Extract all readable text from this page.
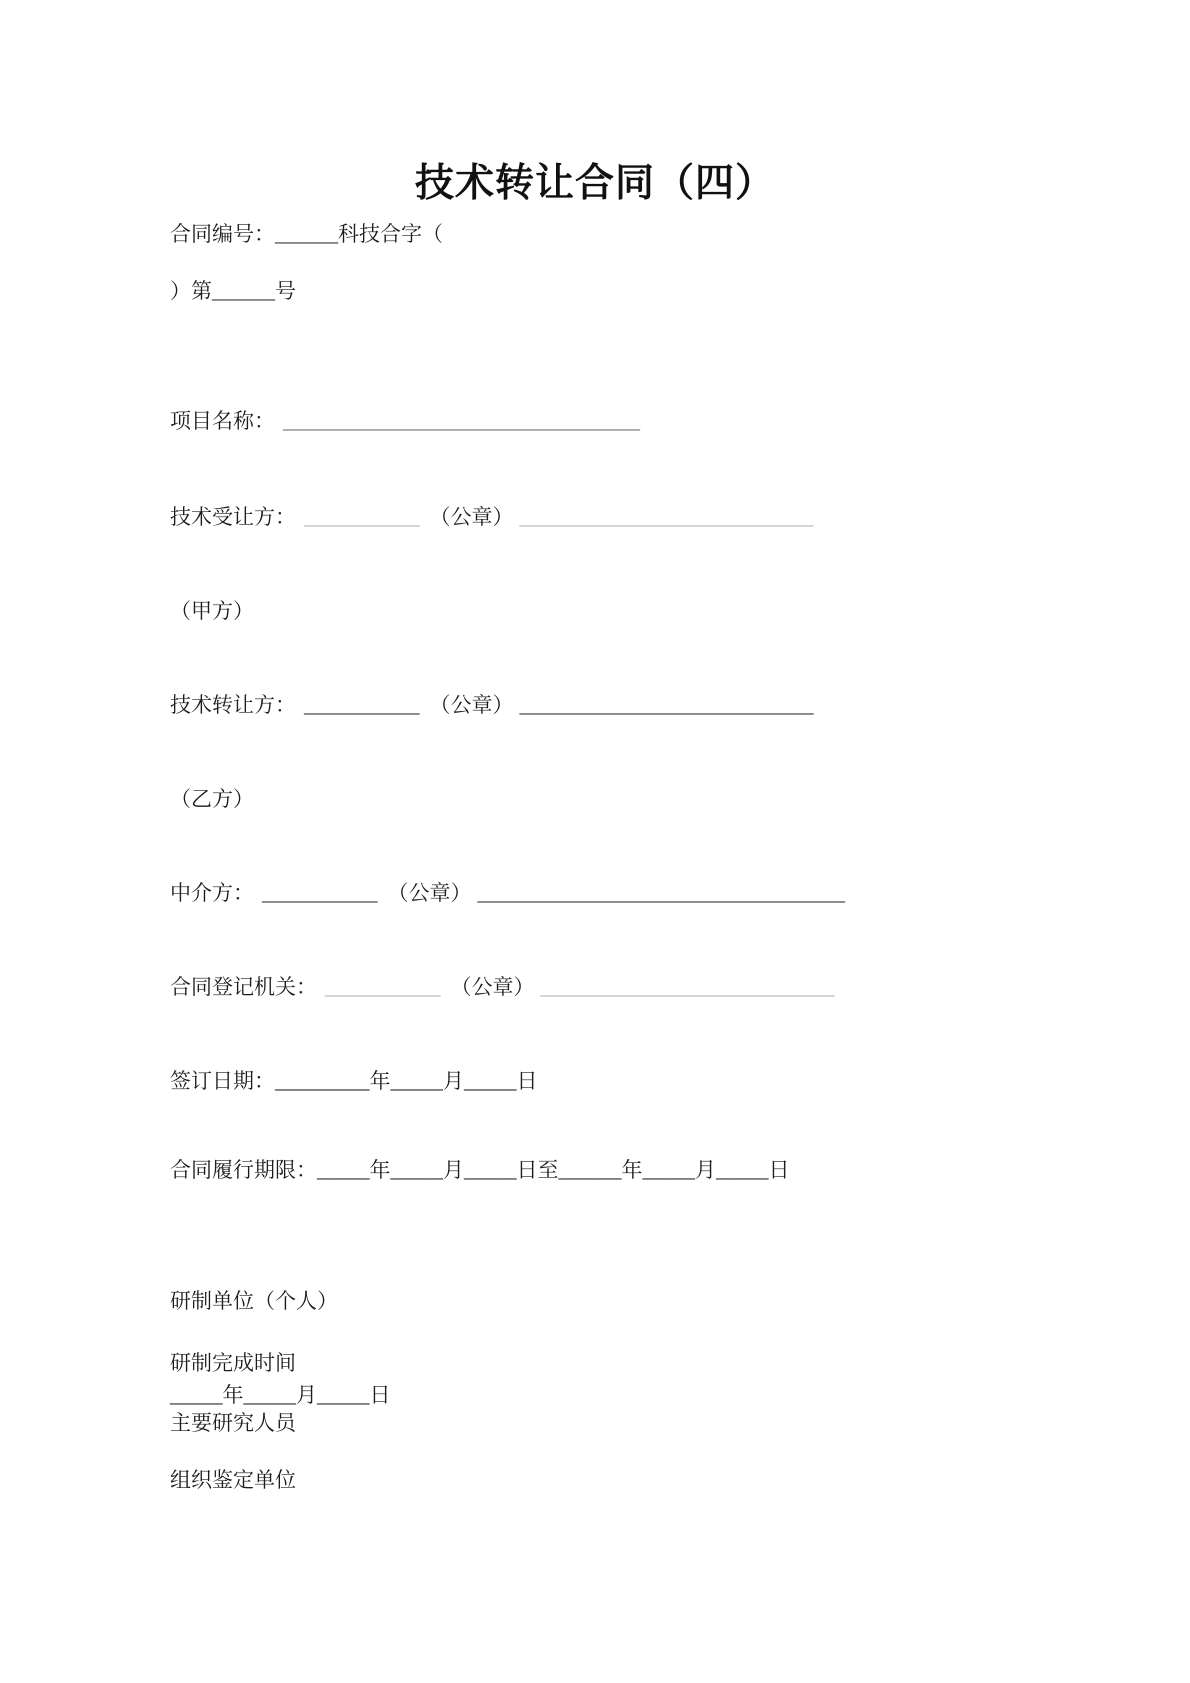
技术转让合同（四）

合同编号：______科技合字（

）第______号

项目名称： __________________________________

技术受让方： ___________ （公章） ____________________________

（甲方）

技术转让方： ___________ （公章） ____________________________

（乙方）

中介方： ___________ （公章） ___________________________________

合同登记机关： ___________ （公章） ____________________________

签订日期：_________年_____月_____日

合同履行期限：_____年_____月_____日至______年_____月_____日

研制单位（个人）

研制完成时间

_____年_____月_____日

主要研究人员

组织鉴定单位
